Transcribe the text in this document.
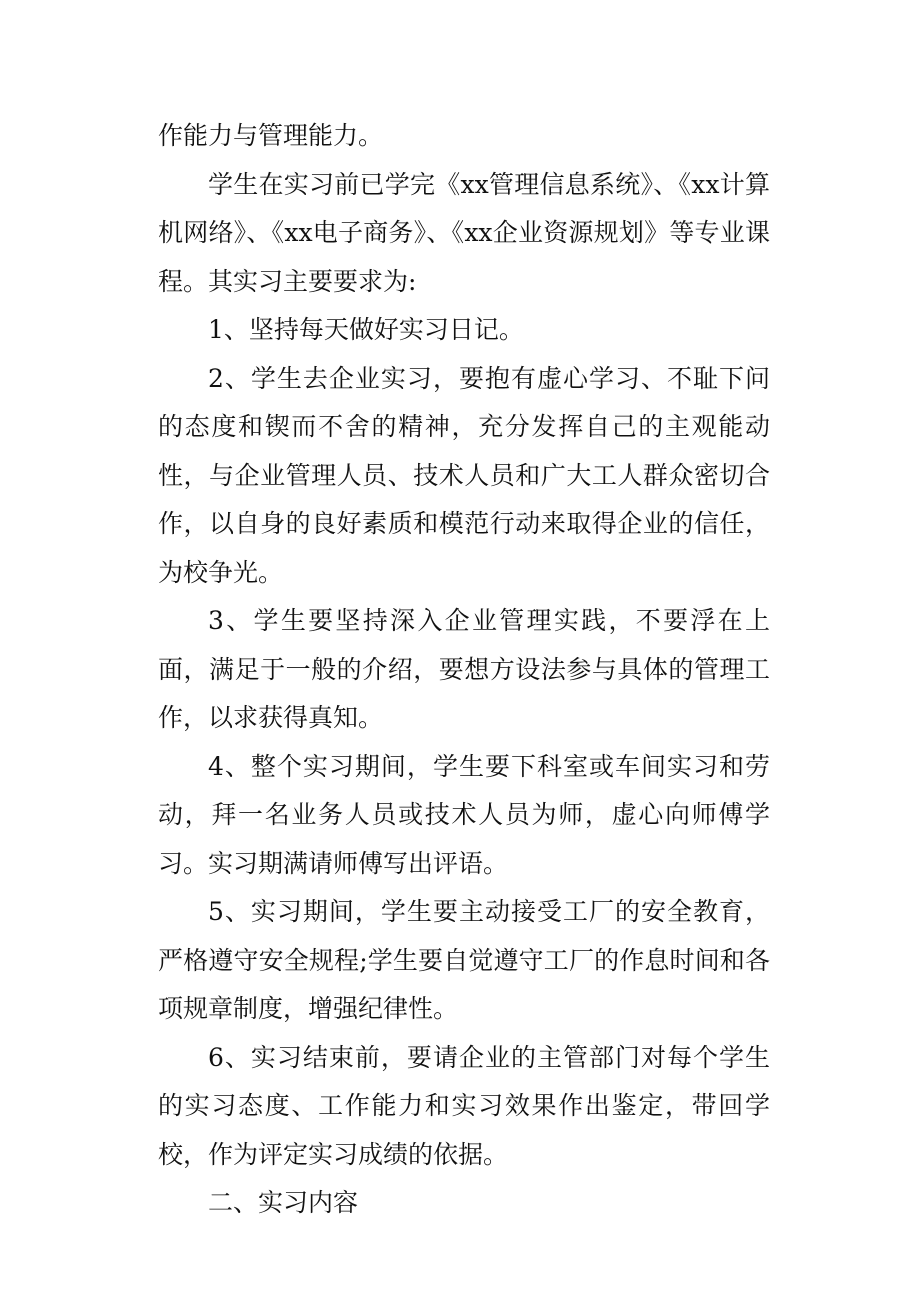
作能力与管理能力。

学生在实习前已学完《xx管理信息系统》、《xx计算机网络》、《xx电子商务》、《xx企业资源规划》等专业课程。其实习主要要求为:

1、坚持每天做好实习日记。

2、学生去企业实习，要抱有虚心学习、不耻下问的态度和锲而不舍的精神，充分发挥自己的主观能动性，与企业管理人员、技术人员和广大工人群众密切合作，以自身的良好素质和模范行动来取得企业的信任，为校争光。

3、学生要坚持深入企业管理实践，不要浮在上面，满足于一般的介绍，要想方设法参与具体的管理工作，以求获得真知。

4、整个实习期间，学生要下科室或车间实习和劳动，拜一名业务人员或技术人员为师，虚心向师傅学习。实习期满请师傅写出评语。

5、实习期间，学生要主动接受工厂的安全教育，严格遵守安全规程;学生要自觉遵守工厂的作息时间和各项规章制度，增强纪律性。

6、实习结束前，要请企业的主管部门对每个学生的实习态度、工作能力和实习效果作出鉴定，带回学校，作为评定实习成绩的依据。

二、实习内容
